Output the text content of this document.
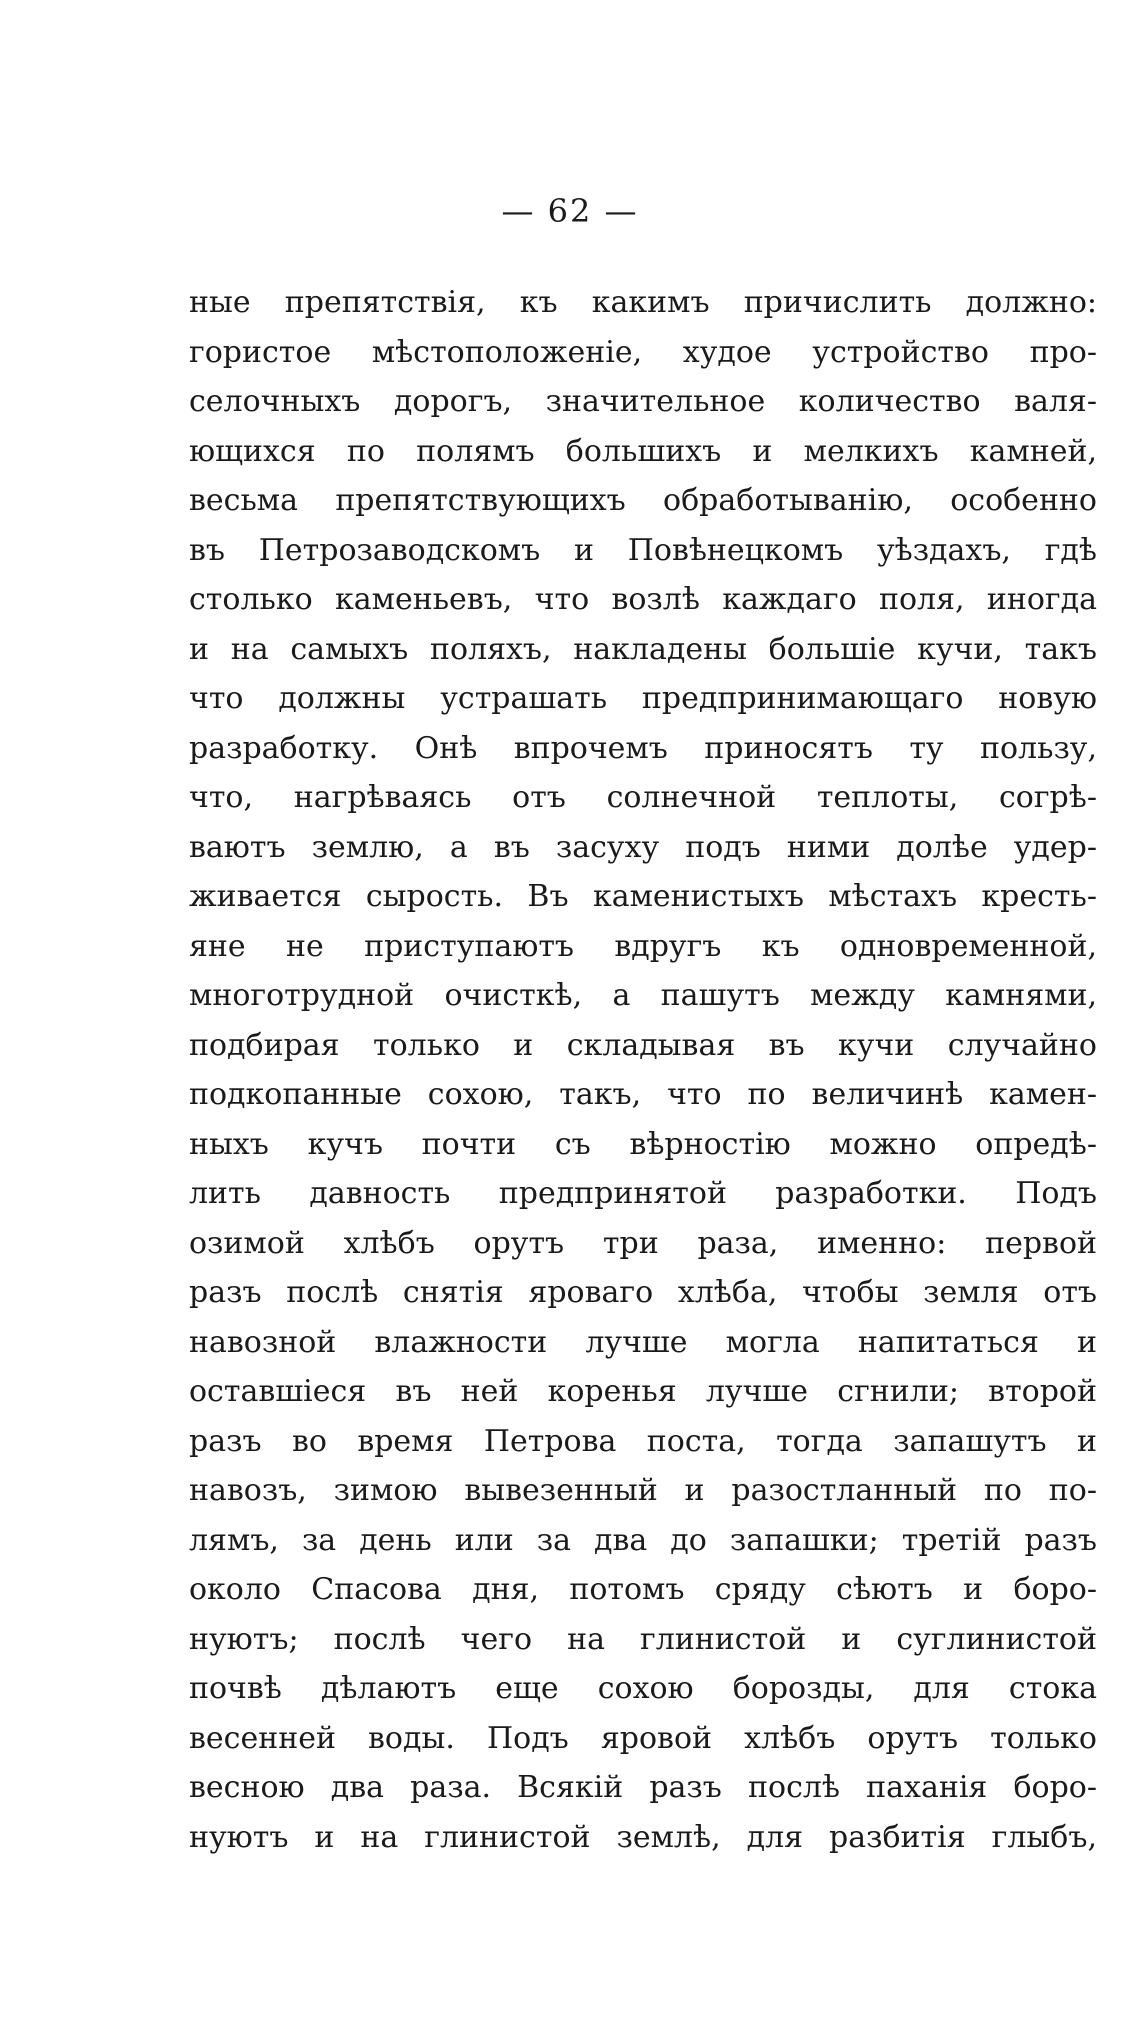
— 62 —
ные препятствія, къ какимъ причислить должно:
гористое мѣстоположеніе, худое устройство про-
селочныхъ дорогъ, значительное количество валя-
ющихся по полямъ большихъ и мелкихъ камней,
весьма препятствующихъ обработыванію, особенно
въ Петрозаводскомъ и Повѣнецкомъ уѣздахъ, гдѣ
столько каменьевъ, что возлѣ каждаго поля, иногда
и на самыхъ поляхъ, накладены большіе кучи, такъ
что должны устрашать предпринимающаго новую
разработку. Онѣ впрочемъ приносятъ ту пользу,
что, нагрѣваясь отъ солнечной теплоты, согрѣ-
ваютъ землю, а въ засуху подъ ними долѣе удер-
живается сырость. Въ каменистыхъ мѣстахъ кресть-
яне не приступаютъ вдругъ къ одновременной,
многотрудной очисткѣ, а пашутъ между камнями,
подбирая только и складывая въ кучи случайно
подкопанные сохою, такъ, что по величинѣ камен-
ныхъ кучъ почти съ вѣрностію можно опредѣ-
лить давность предпринятой разработки. Подъ
озимой хлѣбъ орутъ три раза, именно: первой
разъ послѣ снятія яроваго хлѣба, чтобы земля отъ
навозной влажности лучше могла напитаться и
оставшіеся въ ней коренья лучше сгнили; второй
разъ во время Петрова поста, тогда запашутъ и
навозъ, зимою вывезенный и разостланный по по-
лямъ, за день или за два до запашки; третій разъ
около Спасова дня, потомъ сряду сѣютъ и боро-
нуютъ; послѣ чего на глинистой и суглинистой
почвѣ дѣлаютъ еще сохою борозды, для стока
весенней воды. Подъ яровой хлѣбъ орутъ только
весною два раза. Всякій разъ послѣ паханія боро-
нуютъ и на глинистой землѣ, для разбитія глыбъ,
